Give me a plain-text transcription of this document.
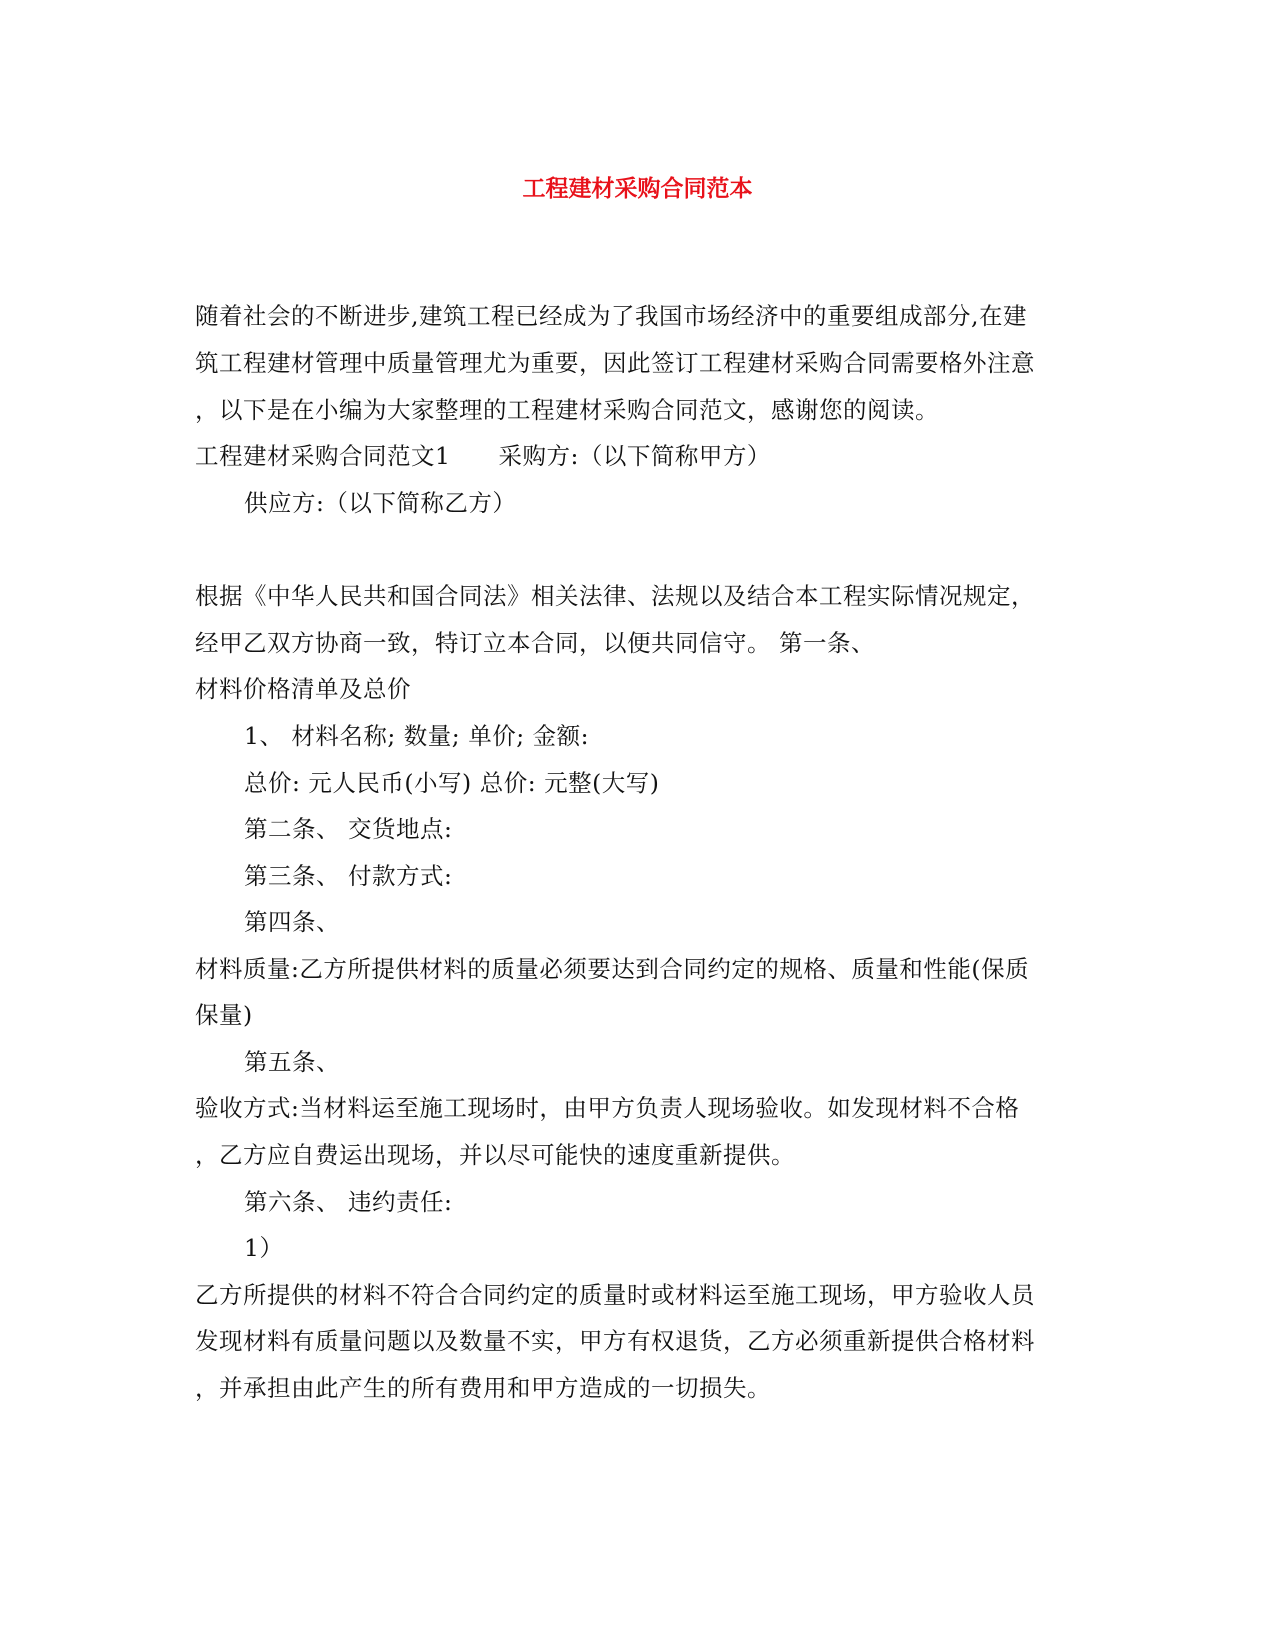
工程建材采购合同范本
随着社会的不断进步,建筑工程已经成为了我国市场经济中的重要组成部分,在建
筑工程建材管理中质量管理尤为重要，因此签订工程建材采购合同需要格外注意
，以下是在小编为大家整理的工程建材采购合同范文，感谢您的阅读。
工程建材采购合同范文1 采购方:（以下简称甲方）
供应方:（以下简称乙方）
根据《中华人民共和国合同法》相关法律、法规以及结合本工程实际情况规定，
经甲乙双方协商一致，特订立本合同，以便共同信守。 第一条、
材料价格清单及总价
1、 材料名称; 数量; 单价; 金额:
总价: 元人民币(小写) 总价: 元整(大写)
第二条、 交货地点:
第三条、 付款方式:
第四条、
材料质量:乙方所提供材料的质量必须要达到合同约定的规格、质量和性能(保质
保量)
第五条、
验收方式:当材料运至施工现场时，由甲方负责人现场验收。如发现材料不合格
，乙方应自费运出现场，并以尽可能快的速度重新提供。
第六条、 违约责任:
1）
乙方所提供的材料不符合合同约定的质量时或材料运至施工现场，甲方验收人员
发现材料有质量问题以及数量不实，甲方有权退货，乙方必须重新提供合格材料
，并承担由此产生的所有费用和甲方造成的一切损失。
